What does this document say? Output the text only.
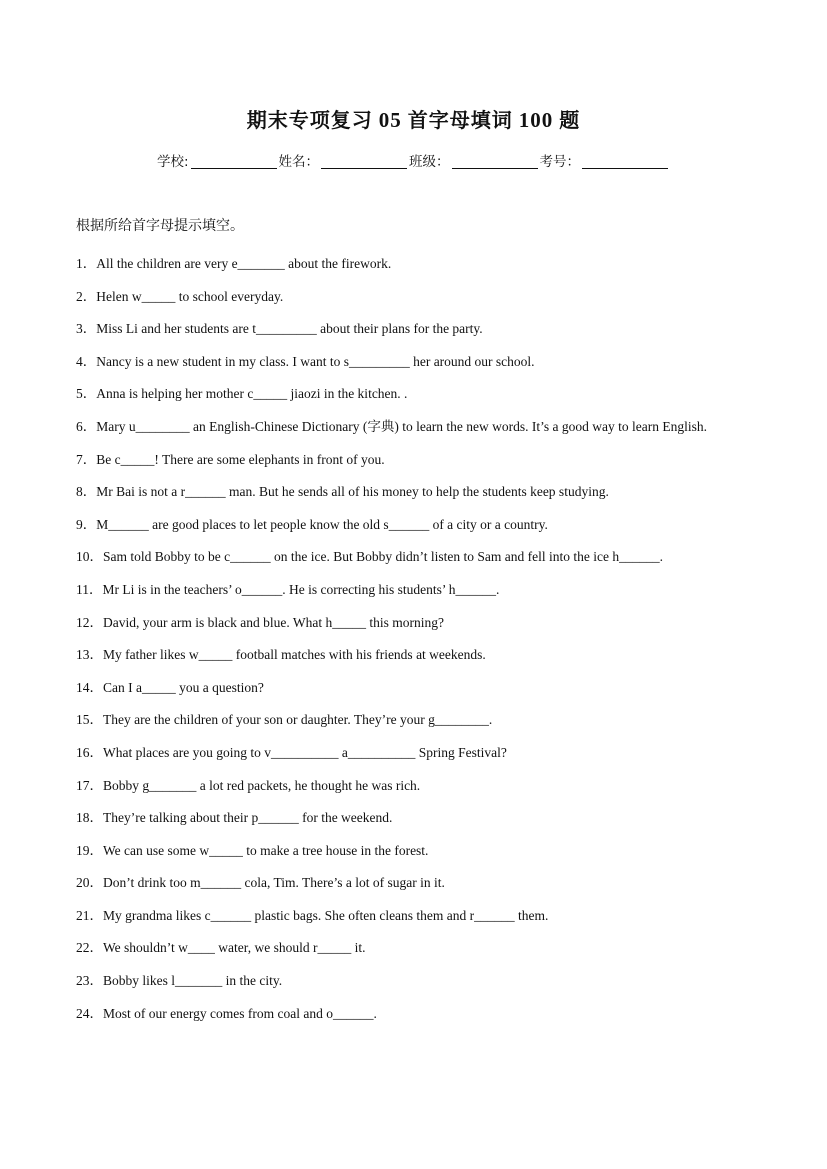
期末专项复习 05 首字母填词 100 题
学校:	姓名：	班级：	考号：
根据所给首字母提示填空。
1．All the children are very e_______ about the firework.
2．Helen w_____ to school everyday.
3．Miss Li and her students are t_________ about their plans for the party.
4．Nancy is a new student in my class. I want to s_________ her around our school.
5．Anna is helping her mother c_____ jiaozi in the kitchen. .
6．Mary u________ an English-Chinese Dictionary (字典) to learn the new words. It’s a good way to learn English.
7．Be c_____! There are some elephants in front of you.
8．Mr Bai is not a r______ man. But he sends all of his money to help the students keep studying.
9．M______ are good places to let people know the old s______ of a city or a country.
10．Sam told Bobby to be c______ on the ice. But Bobby didn’t listen to Sam and fell into the ice h______.
11．Mr Li is in the teachers’ o______. He is correcting his students’ h______.
12．David, your arm is black and blue. What h_____ this morning?
13．My father likes w_____ football matches with his friends at weekends.
14．Can I a_____ you a question?
15．They are the children of your son or daughter. They’re your g________.
16．What places are you going to v__________ a__________ Spring Festival?
17．Bobby g_______ a lot red packets, he thought he was rich.
18．They’re talking about their p______ for the weekend.
19．We can use some w_____ to make a tree house in the forest.
20．Don’t drink too m______ cola, Tim. There’s a lot of sugar in it.
21．My grandma likes c______ plastic bags. She often cleans them and r______ them.
22．We shouldn’t w____ water, we should r_____ it.
23．Bobby likes l_______ in the city.
24．Most of our energy comes from coal and o______.
